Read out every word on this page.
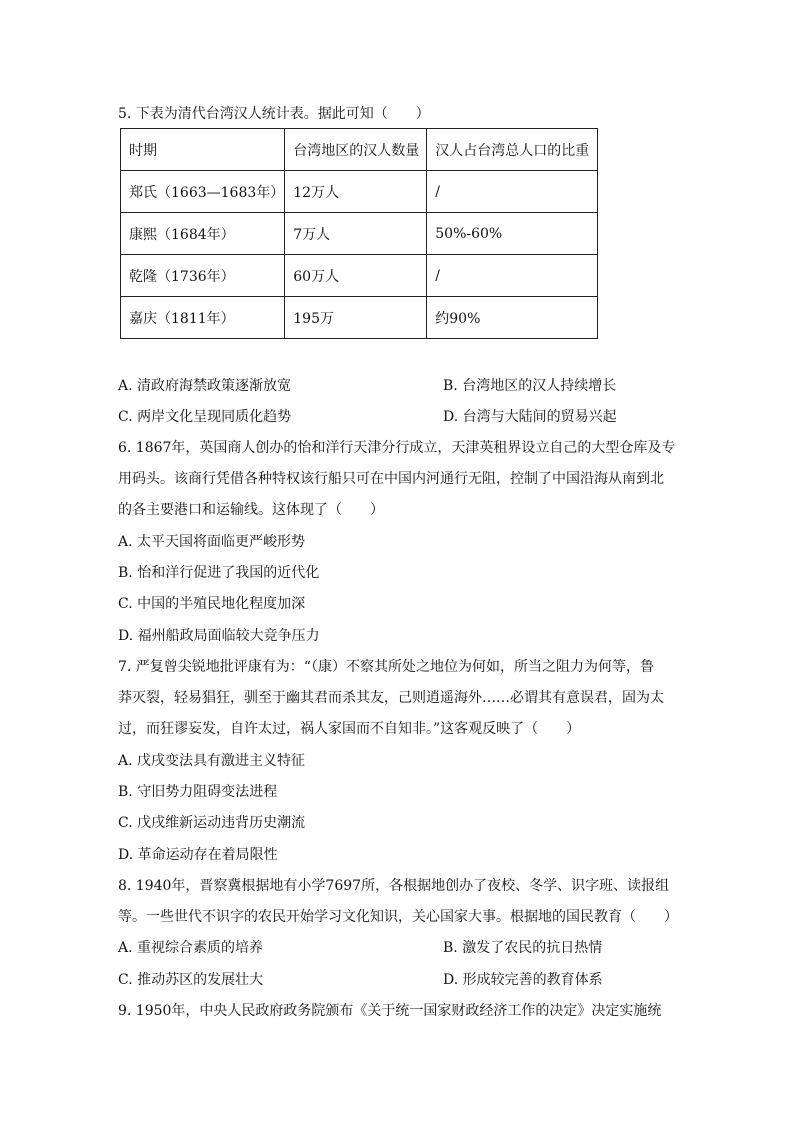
5. 下表为清代台湾汉人统计表。据此可知（　　）
时期	台湾地区的汉人数量	汉人占台湾总人口的比重
郑氏（1663—1683年）	12万人	/
康熙（1684年）	7万人	50%-60%
乾隆（1736年）	60万人	/
嘉庆（1811年）	195万	约90%
A. 清政府海禁政策逐渐放宽	B. 台湾地区的汉人持续增长
C. 两岸文化呈现同质化趋势	D. 台湾与大陆间的贸易兴起
6. 1867年，英国商人创办的怡和洋行天津分行成立，天津英租界设立自己的大型仓库及专
用码头。该商行凭借各种特权该行船只可在中国内河通行无阻，控制了中国沿海从南到北
的各主要港口和运输线。这体现了（　　）
A. 太平天国将面临更严峻形势
B. 怡和洋行促进了我国的近代化
C. 中国的半殖民地化程度加深
D. 福州船政局面临较大竞争压力
7. 严复曾尖锐地批评康有为：“（康）不察其所处之地位为何如，所当之阻力为何等，鲁
莽灭裂，轻易猖狂，驯至于幽其君而杀其友，己则逍遥海外……必谓其有意误君，固为太
过，而狂谬妄发，自许太过，祸人家国而不自知非。”这客观反映了（　　）
A. 戊戌变法具有激进主义特征
B. 守旧势力阻碍变法进程
C. 戊戌维新运动违背历史潮流
D. 革命运动存在着局限性
8. 1940年，晋察冀根据地有小学7697所，各根据地创办了夜校、冬学、识字班、读报组
等。一些世代不识字的农民开始学习文化知识，关心国家大事。根据地的国民教育（　　）
A. 重视综合素质的培养	B. 激发了农民的抗日热情
C. 推动苏区的发展壮大	D. 形成较完善的教育体系
9. 1950年，中央人民政府政务院颁布《关于统一国家财政经济工作的决定》决定实施统
